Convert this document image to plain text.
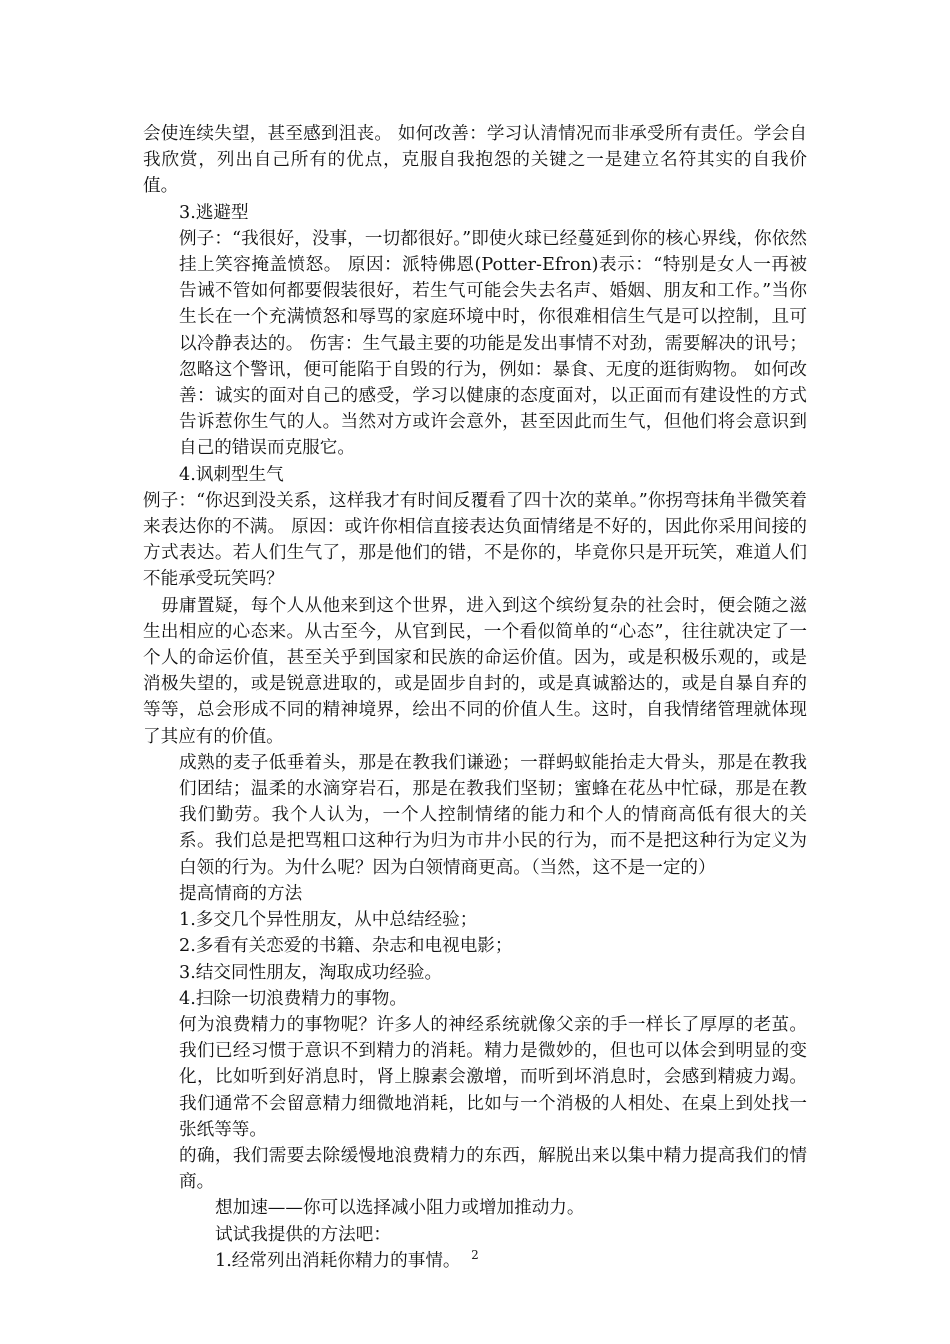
会使连续失望，甚至感到沮丧。 如何改善：学习认清情况而非承受所有责任。学会自我欣赏，列出自己所有的优点，克服自我抱怨的关键之一是建立名符其实的自我价值。

3.逃避型

例子：“我很好，没事，一切都很好。”即使火球已经蔓延到你的核心界线，你依然挂上笑容掩盖愤怒。 原因：派特佛恩(Potter-Efron)表示：“特别是女人一再被告诫不管如何都要假装很好，若生气可能会失去名声、婚姻、朋友和工作。”当你生长在一个充满愤怒和辱骂的家庭环境中时，你很难相信生气是可以控制，且可以冷静表达的。 伤害：生气最主要的功能是发出事情不对劲，需要解决的讯号；忽略这个警讯，便可能陷于自毁的行为，例如：暴食、无度的逛街购物。 如何改善：诚实的面对自己的感受，学习以健康的态度面对，以正面而有建设性的方式告诉惹你生气的人。当然对方或许会意外，甚至因此而生气，但他们将会意识到自己的错误而克服它。

4.讽刺型生气

例子：“你迟到没关系，这样我才有时间反覆看了四十次的菜单。”你拐弯抹角半微笑着来表达你的不满。 原因：或许你相信直接表达负面情绪是不好的，因此你采用间接的方式表达。若人们生气了，那是他们的错，不是你的，毕竟你只是开玩笑，难道人们不能承受玩笑吗？

　毋庸置疑，每个人从他来到这个世界，进入到这个缤纷复杂的社会时，便会随之滋生出相应的心态来。从古至今，从官到民，一个看似简单的“心态”，往往就决定了一个人的命运价值，甚至关乎到国家和民族的命运价值。因为，或是积极乐观的，或是消极失望的，或是锐意进取的，或是固步自封的，或是真诚豁达的，或是自暴自弃的等等，总会形成不同的精神境界，绘出不同的价值人生。这时，自我情绪管理就体现了其应有的价值。

成熟的麦子低垂着头，那是在教我们谦逊；一群蚂蚁能抬走大骨头，那是在教我们团结；温柔的水滴穿岩石，那是在教我们坚韧；蜜蜂在花丛中忙碌，那是在教我们勤劳。我个人认为，一个人控制情绪的能力和个人的情商高低有很大的关系。我们总是把骂粗口这种行为归为市井小民的行为，而不是把这种行为定义为白领的行为。为什么呢？因为白领情商更高。（当然，这不是一定的）

提高情商的方法

1.多交几个异性朋友，从中总结经验；

2.多看有关恋爱的书籍、杂志和电视电影；

3.结交同性朋友，淘取成功经验。

4.扫除一切浪费精力的事物。

何为浪费精力的事物呢？许多人的神经系统就像父亲的手一样长了厚厚的老茧。我们已经习惯于意识不到精力的消耗。精力是微妙的，但也可以体会到明显的变化，比如听到好消息时，肾上腺素会激增，而听到坏消息时，会感到精疲力竭。我们通常不会留意精力细微地消耗，比如与一个消极的人相处、在桌上到处找一张纸等等。

的确，我们需要去除缓慢地浪费精力的东西，解脱出来以集中精力提高我们的情商。

想加速——你可以选择减小阻力或增加推动力。

试试我提供的方法吧：

1.经常列出消耗你精力的事情。 2
